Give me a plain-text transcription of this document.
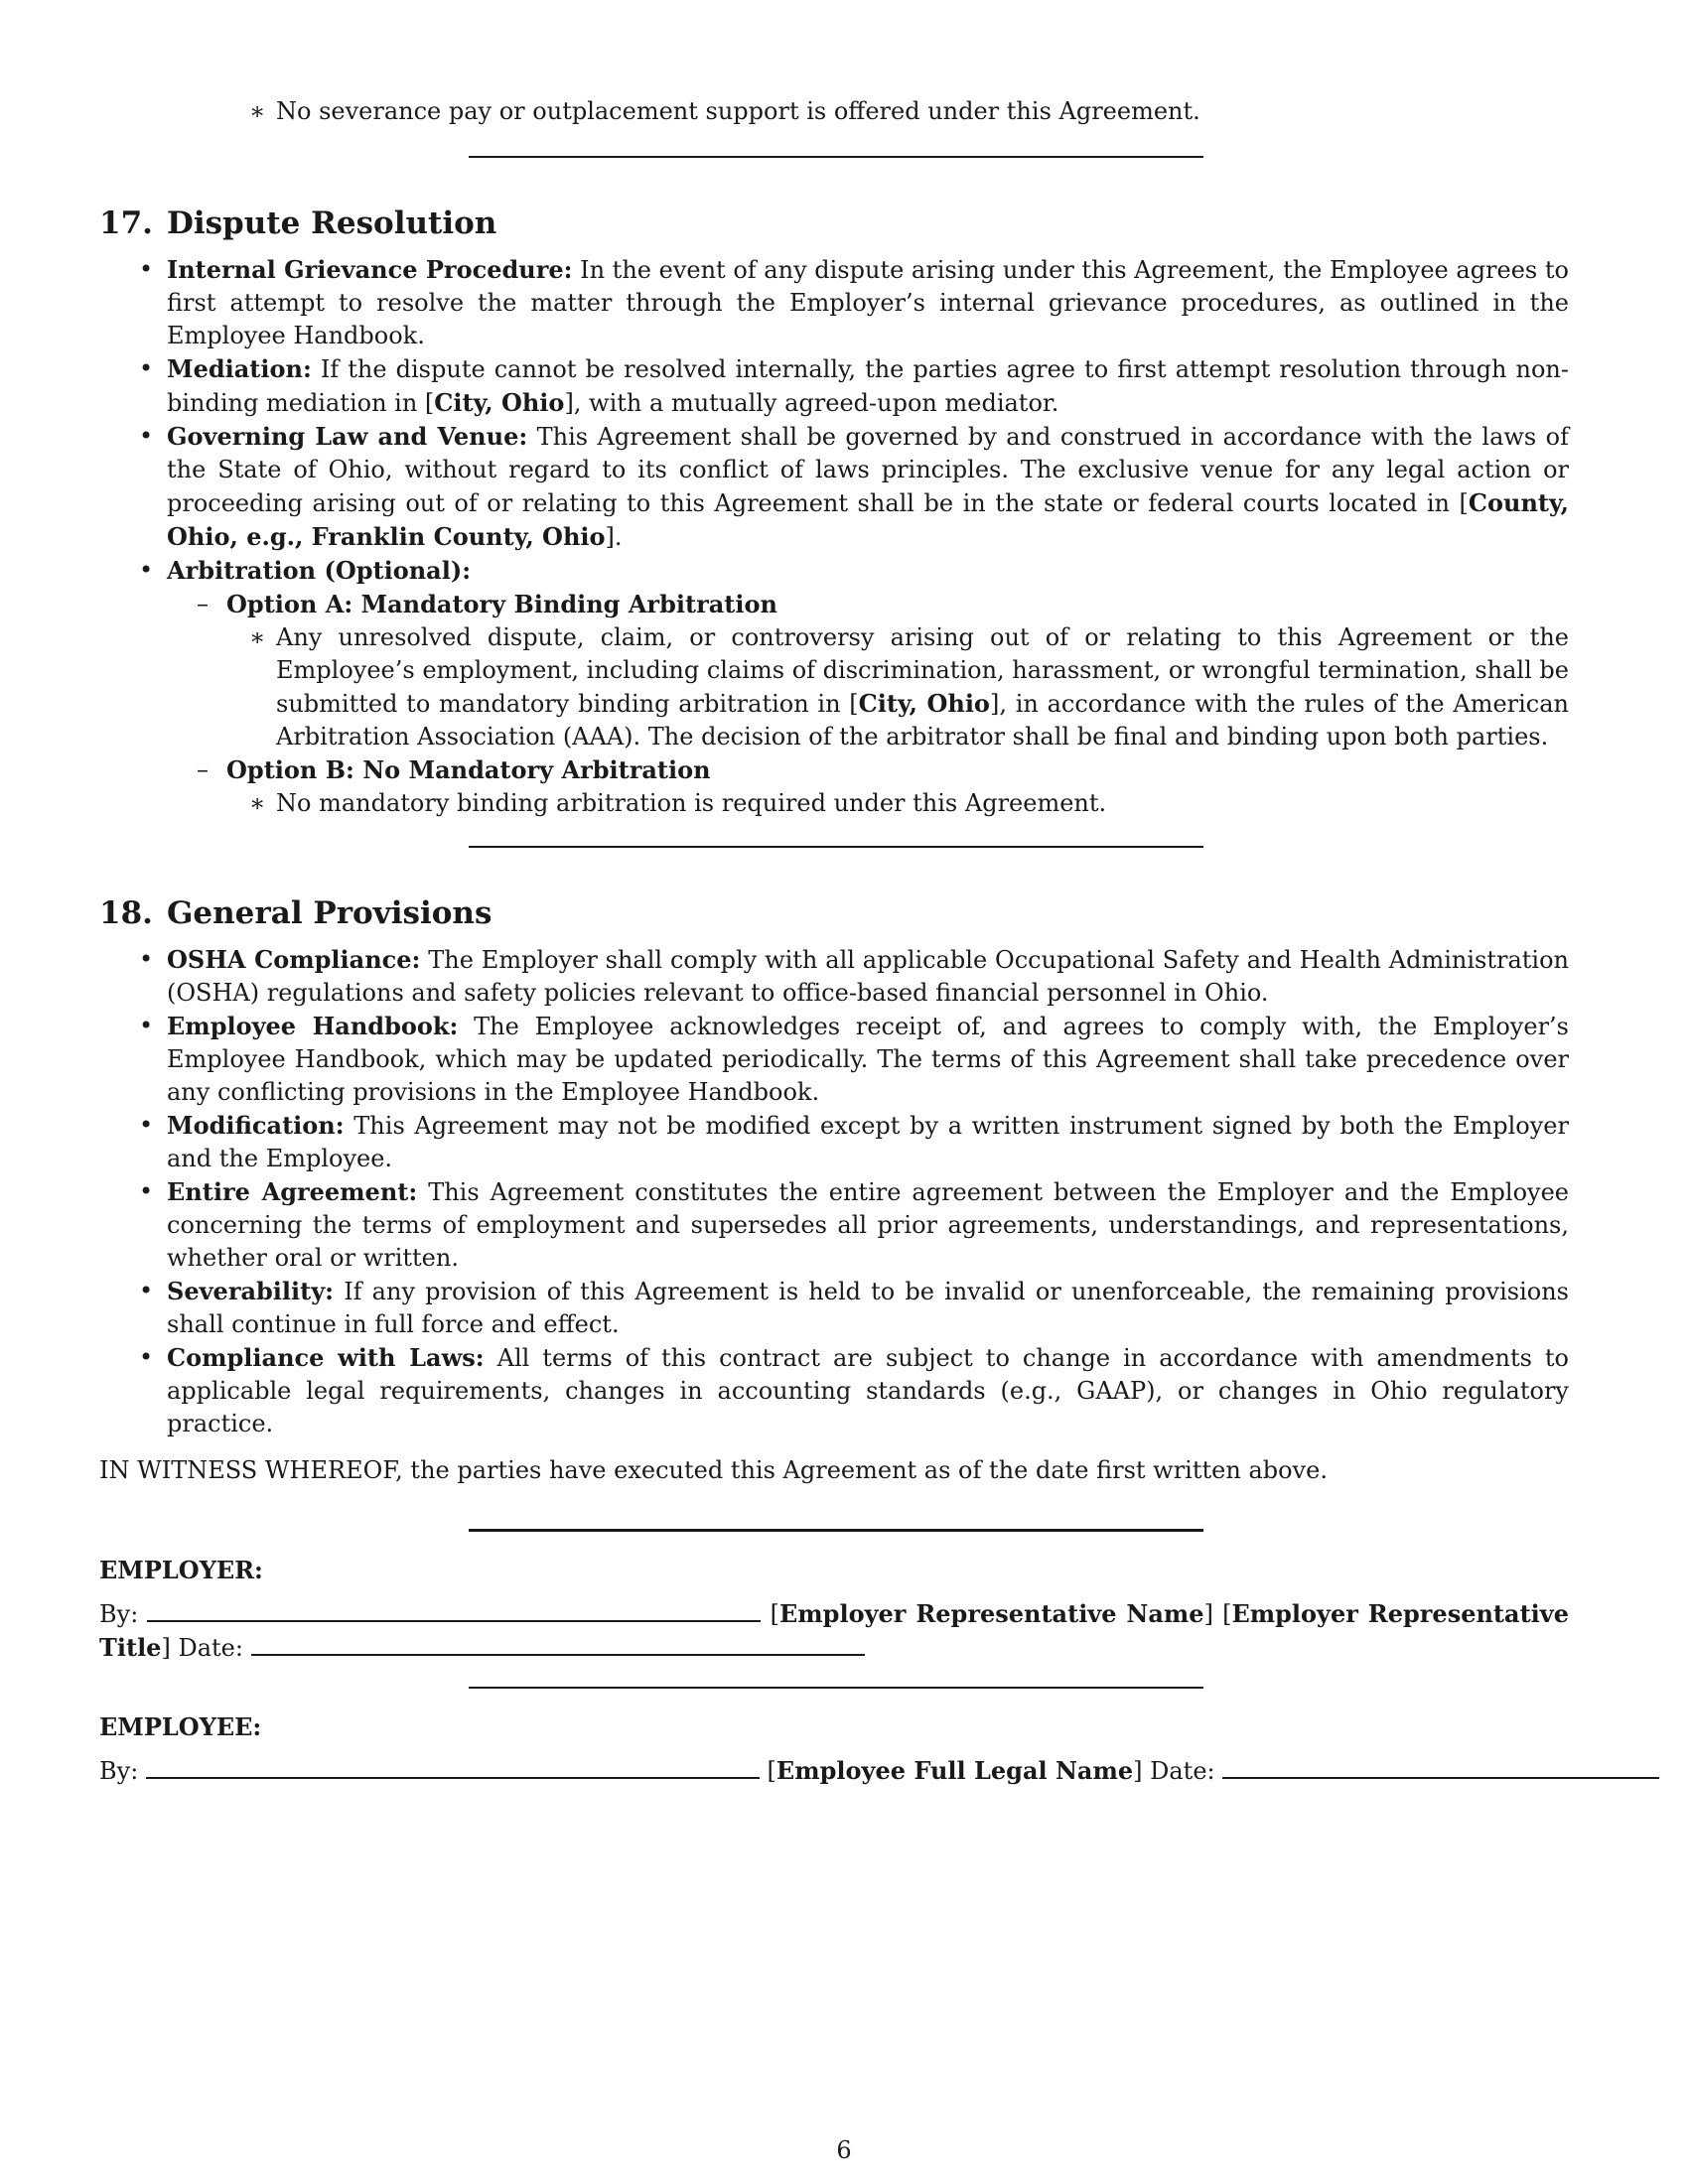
∗ No severance pay or outplacement support is offered under this Agreement.
17. Dispute Resolution
• Internal Grievance Procedure: In the event of any dispute arising under this Agreement, the Employee agrees to first attempt to resolve the matter through the Employer’s internal grievance procedures, as outlined in the Employee Handbook.
• Mediation: If the dispute cannot be resolved internally, the parties agree to first attempt resolution through non-binding mediation in [City, Ohio], with a mutually agreed-upon mediator.
• Governing Law and Venue: This Agreement shall be governed by and construed in accordance with the laws of the State of Ohio, without regard to its conflict of laws principles. The exclusive venue for any legal action or proceeding arising out of or relating to this Agreement shall be in the state or federal courts located in [County, Ohio, e.g., Franklin County, Ohio].
• Arbitration (Optional):
– Option A: Mandatory Binding Arbitration
∗ Any unresolved dispute, claim, or controversy arising out of or relating to this Agreement or the Employee’s employment, including claims of discrimination, harassment, or wrongful termination, shall be submitted to mandatory binding arbitration in [City, Ohio], in accordance with the rules of the American Arbitration Association (AAA). The decision of the arbitrator shall be final and binding upon both parties.
– Option B: No Mandatory Arbitration
∗ No mandatory binding arbitration is required under this Agreement.
18. General Provisions
• OSHA Compliance: The Employer shall comply with all applicable Occupational Safety and Health Administration (OSHA) regulations and safety policies relevant to office-based financial personnel in Ohio.
• Employee Handbook: The Employee acknowledges receipt of, and agrees to comply with, the Employer’s Employee Handbook, which may be updated periodically. The terms of this Agreement shall take precedence over any conflicting provisions in the Employee Handbook.
• Modification: This Agreement may not be modified except by a written instrument signed by both the Employer and the Employee.
• Entire Agreement: This Agreement constitutes the entire agreement between the Employer and the Employee concerning the terms of employment and supersedes all prior agreements, understandings, and representations, whether oral or written.
• Severability: If any provision of this Agreement is held to be invalid or unenforceable, the remaining provisions shall continue in full force and effect.
• Compliance with Laws: All terms of this contract are subject to change in accordance with amendments to applicable legal requirements, changes in accounting standards (e.g., GAAP), or changes in Ohio regulatory practice.
IN WITNESS WHEREOF, the parties have executed this Agreement as of the date first written above.
EMPLOYER:
By:	[Employer Representative Name] [Employer Representative Title] Date:
EMPLOYEE:
By:	[Employee Full Legal Name] Date:
6
